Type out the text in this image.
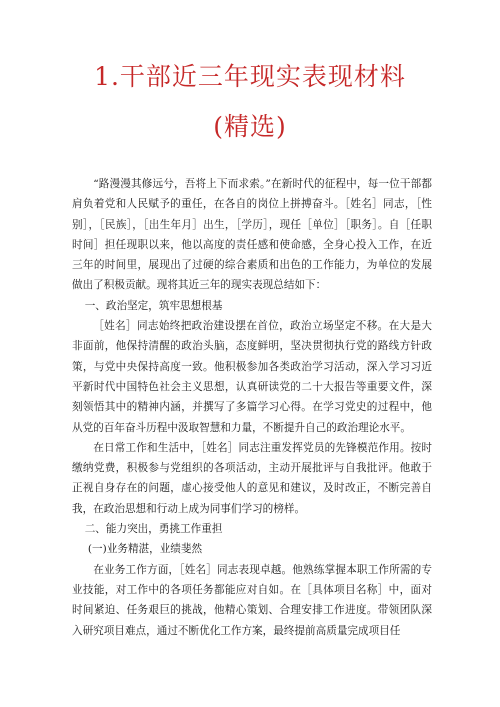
1.干部近三年现实表现材料
(精选)

“路漫漫其修远兮，吾将上下而求索。”在新时代的征程中，每一位干部都肩负着党和人民赋予的重任，在各自的岗位上拼搏奋斗。［姓名］同志，［性别］，［民族］，［出生年月］出生，［学历］，现任［单位］［职务］。自［任职时间］担任现职以来，他以高度的责任感和使命感，全身心投入工作，在近三年的时间里，展现出了过硬的综合素质和出色的工作能力，为单位的发展做出了积极贡献。现将其近三年的现实表现总结如下：

一、政治坚定，筑牢思想根基

［姓名］同志始终把政治建设摆在首位，政治立场坚定不移。在大是大非面前，他保持清醒的政治头脑，态度鲜明，坚决贯彻执行党的路线方针政策，与党中央保持高度一致。他积极参加各类政治学习活动，深入学习习近平新时代中国特色社会主义思想，认真研读党的二十大报告等重要文件，深刻领悟其中的精神内涵，并撰写了多篇学习心得。在学习党史的过程中，他从党的百年奋斗历程中汲取智慧和力量，不断提升自己的政治理论水平。

在日常工作和生活中，［姓名］同志注重发挥党员的先锋模范作用。按时缴纳党费，积极参与党组织的各项活动，主动开展批评与自我批评。他敢于正视自身存在的问题，虚心接受他人的意见和建议，及时改正，不断完善自我，在政治思想和行动上成为同事们学习的榜样。

二、能力突出，勇挑工作重担
(一)业务精湛，业绩斐然

在业务工作方面，［姓名］同志表现卓越。他熟练掌握本职工作所需的专业技能，对工作中的各项任务都能应对自如。在［具体项目名称］中，面对时间紧迫、任务艰巨的挑战，他精心策划、合理安排工作进度。带领团队深入研究项目难点，通过不断优化工作方案，最终提前高质量完成项目任
